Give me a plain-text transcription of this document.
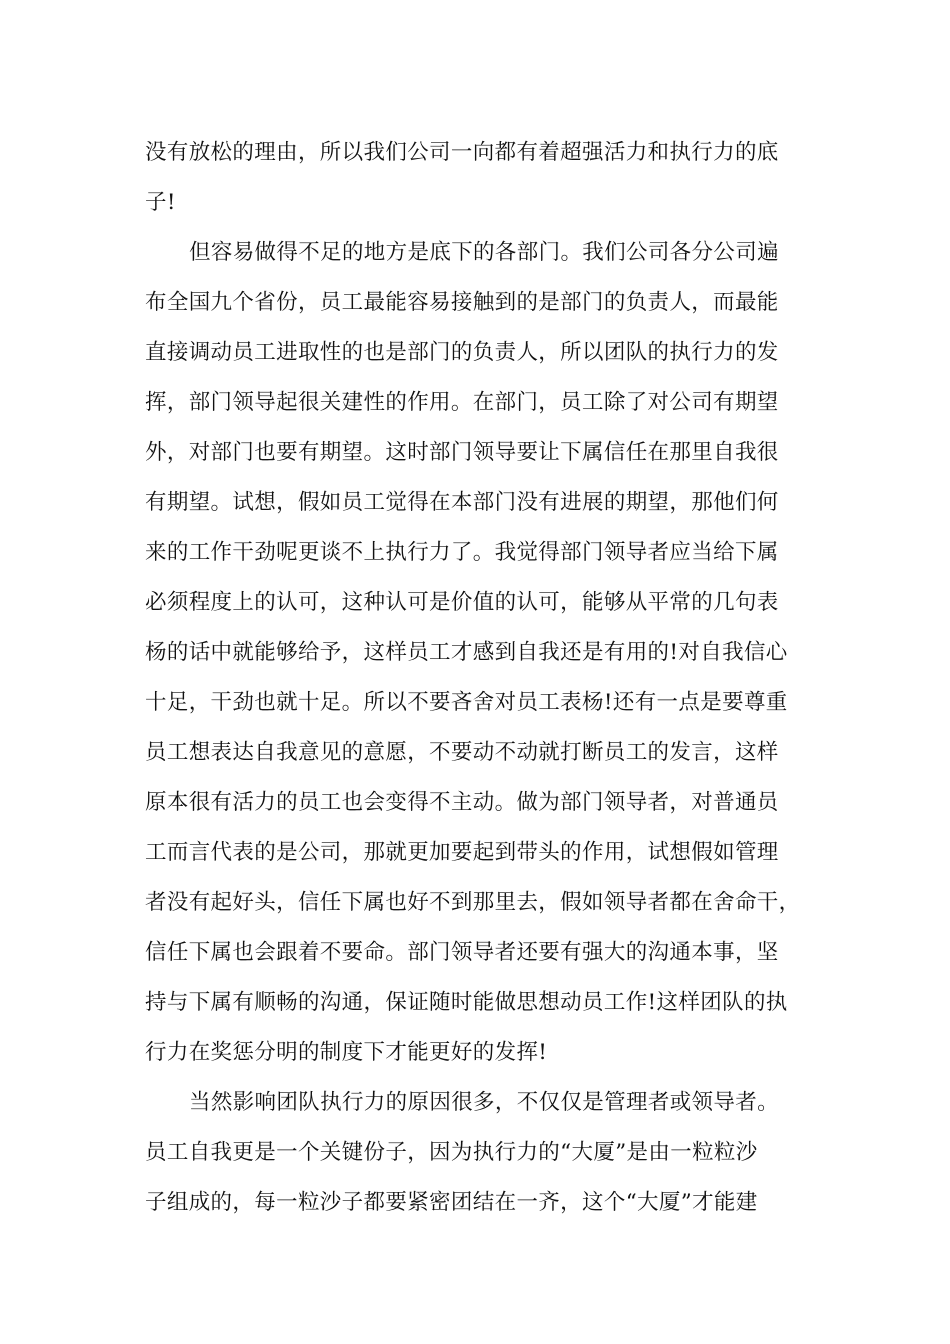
没有放松的理由，所以我们公司一向都有着超强活力和执行力的底
子!
但容易做得不足的地方是底下的各部门。我们公司各分公司遍
布全国九个省份，员工最能容易接触到的是部门的负责人，而最能
直接调动员工进取性的也是部门的负责人，所以团队的执行力的发
挥，部门领导起很关建性的作用。在部门，员工除了对公司有期望
外，对部门也要有期望。这时部门领导要让下属信任在那里自我很
有期望。试想，假如员工觉得在本部门没有进展的期望，那他们何
来的工作干劲呢更谈不上执行力了。我觉得部门领导者应当给下属
必须程度上的认可，这种认可是价值的认可，能够从平常的几句表
杨的话中就能够给予，这样员工才感到自我还是有用的!对自我信心
十足，干劲也就十足。所以不要吝舍对员工表杨!还有一点是要尊重
员工想表达自我意见的意愿，不要动不动就打断员工的发言，这样
原本很有活力的员工也会变得不主动。做为部门领导者，对普通员
工而言代表的是公司，那就更加要起到带头的作用，试想假如管理
者没有起好头，信任下属也好不到那里去，假如领导者都在舍命干，
信任下属也会跟着不要命。部门领导者还要有强大的沟通本事，坚
持与下属有顺畅的沟通，保证随时能做思想动员工作!这样团队的执
行力在奖惩分明的制度下才能更好的发挥!
当然影响团队执行力的原因很多，不仅仅是管理者或领导者。
员工自我更是一个关键份子，因为执行力的“大厦”是由一粒粒沙
子组成的，每一粒沙子都要紧密团结在一齐，这个“大厦”才能建
